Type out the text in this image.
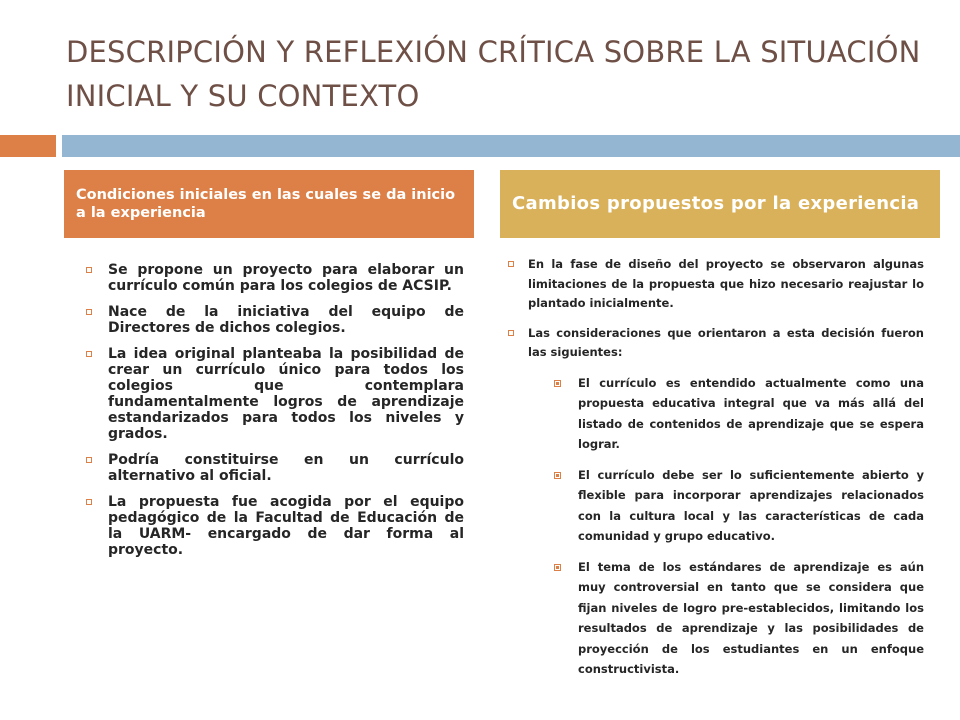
DESCRIPCIÓN Y REFLEXIÓN CRÍTICA SOBRE LA SITUACIÓN INICIAL Y SU CONTEXTO
Condiciones iniciales en las cuales se da inicio a la experiencia	Cambios propuestos por la experiencia
Se propone un proyecto para elaborar un currículo común para los colegios de ACSIP.
Nace de la iniciativa del equipo de Directores de dichos colegios.
La idea original planteaba la posibilidad de crear un currículo único para todos los colegios que contemplara fundamentalmente logros de aprendizaje estandarizados para todos los niveles y grados.
Podría constituirse en un currículo alternativo al oficial.
La propuesta fue acogida por el equipo pedagógico de la Facultad de Educación de la UARM- encargado de dar forma al proyecto.
En la fase de diseño del proyecto se observaron algunas limitaciones de la propuesta que hizo necesario reajustar lo plantado inicialmente.
Las consideraciones que orientaron a esta decisión fueron las siguientes:
El currículo es entendido actualmente como una propuesta educativa integral que va más allá del listado de contenidos de aprendizaje que se espera lograr.
El currículo debe ser lo suficientemente abierto y flexible para incorporar aprendizajes relacionados con la cultura local y las características de cada comunidad y grupo educativo.
El tema de los estándares de aprendizaje es aún muy controversial en tanto que se considera que fijan niveles de logro pre-establecidos, limitando los resultados de aprendizaje y las posibilidades de proyección de los estudiantes en un enfoque constructivista.
